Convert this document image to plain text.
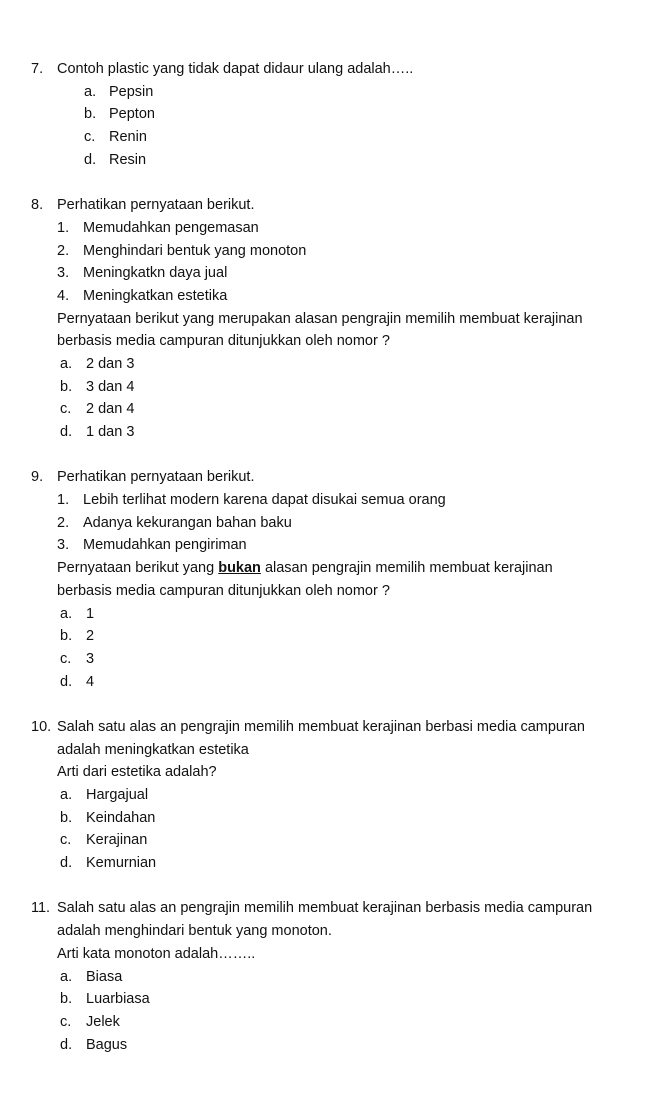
7. Contoh plastic yang tidak dapat didaur ulang adalah…..
a. Pepsin
b. Pepton
c. Renin
d. Resin
8. Perhatikan pernyataan berikut.
1. Memudahkan pengemasan
2. Menghindari bentuk yang monoton
3. Meningkatkn daya jual
4. Meningkatkan estetika
Pernyataan berikut yang merupakan alasan pengrajin memilih membuat kerajinan
berbasis media campuran ditunjukkan oleh nomor ?
a. 2 dan 3
b. 3 dan 4
c. 2 dan 4
d. 1 dan 3
9. Perhatikan pernyataan berikut.
1. Lebih terlihat modern karena dapat disukai semua orang
2. Adanya kekurangan bahan baku
3. Memudahkan pengiriman
Pernyataan berikut yang bukan alasan pengrajin memilih membuat kerajinan
berbasis media campuran ditunjukkan oleh nomor ?
a. 1
b. 2
c. 3
d. 4
10. Salah satu alas an pengrajin memilih membuat kerajinan berbasi media campuran
adalah meningkatkan estetika
Arti dari estetika adalah?
a. Hargajual
b. Keindahan
c. Kerajinan
d. Kemurnian
11. Salah satu alas an pengrajin memilih membuat kerajinan berbasis media campuran
adalah menghindari bentuk yang monoton.
Arti kata monoton adalah……..
a. Biasa
b. Luarbiasa
c. Jelek
d. Bagus
